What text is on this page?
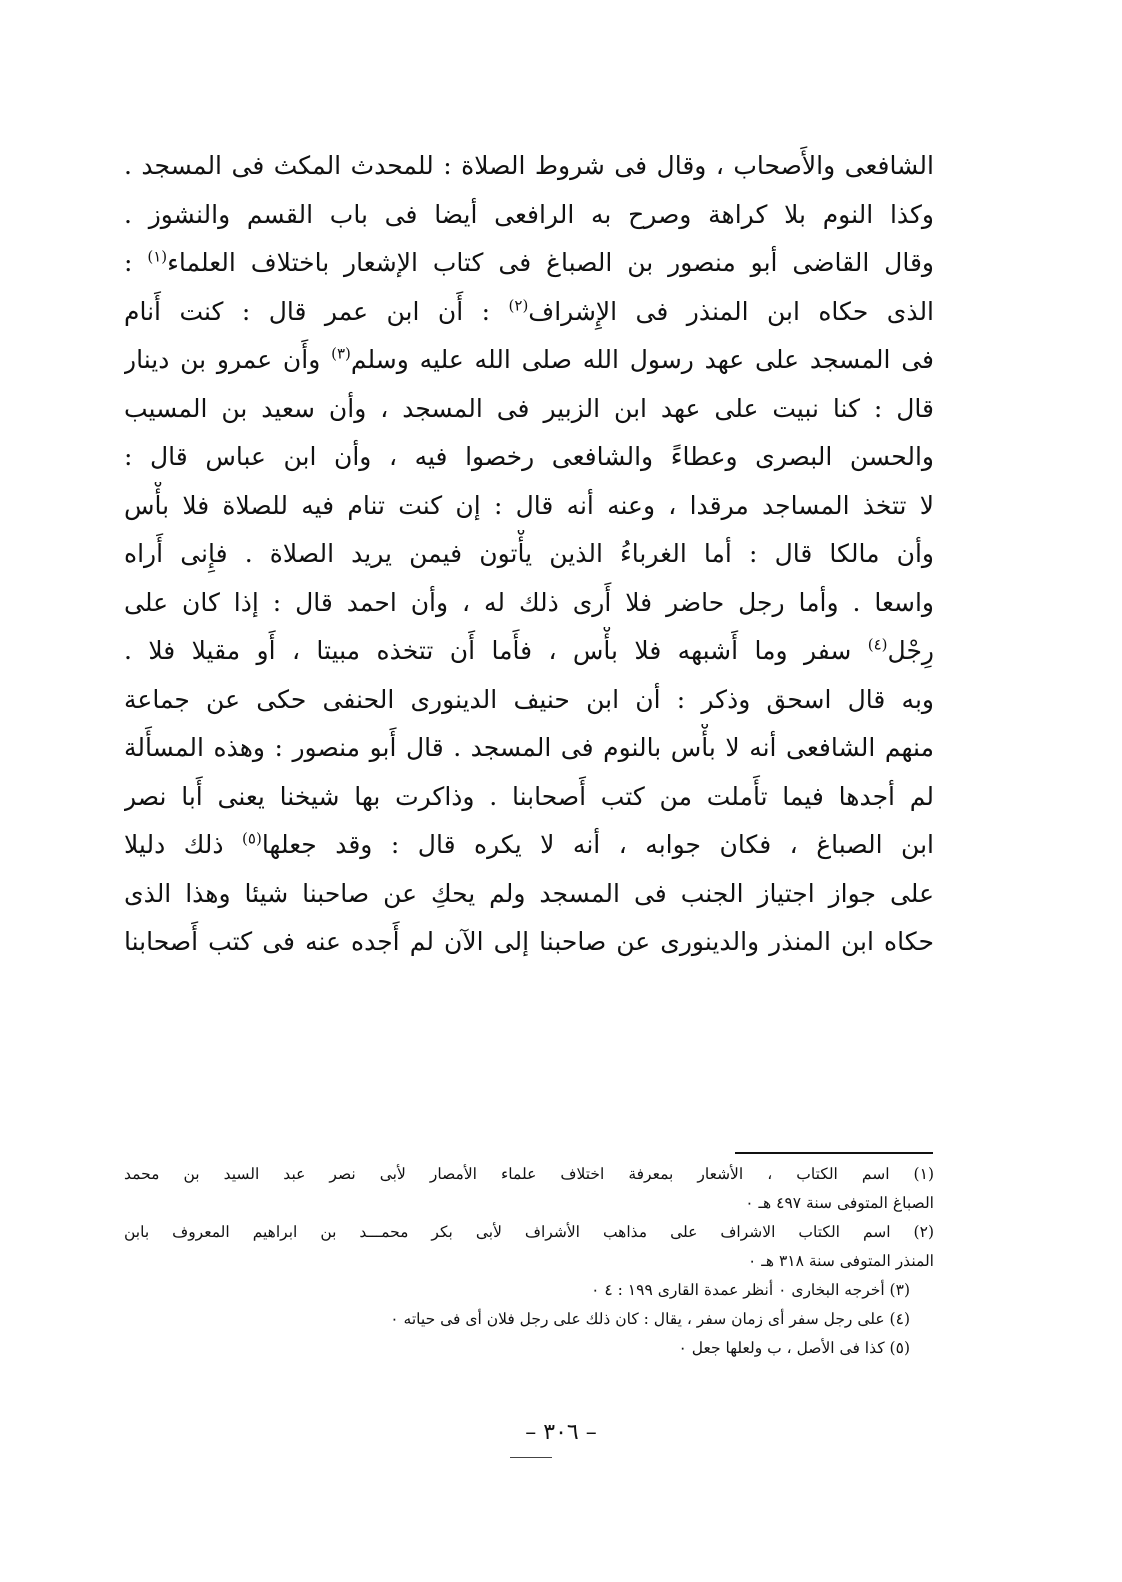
الشافعى والأَصحاب ، وقال فى شروط الصلاة : للمحدث المكث فى المسجد .
وكذا النوم بلا كراهة وصرح به الرافعى أيضا فى باب القسم والنشوز .
وقال القاضى أبو منصور بن الصباغ فى كتاب الإشعار باختلاف العلماء$^{(١)}$ :
الذى حكاه ابن المنذر فى الإِشراف$^{(٢)}$ : أَن ابن عمر قال : كنت أَنام
فى المسجد على عهد رسول الله صلى الله عليه وسلم$^{(٣)}$ وأَن عمرو بن دينار
قال : كنا نبيت على عهد ابن الزبير فى المسجد ، وأن سعيد بن المسيب
والحسن البصرى وعطاءً والشافعى رخصوا فيه ، وأن ابن عباس قال :
لا تتخذ المساجد مرقدا ، وعنه أنه قال : إن كنت تنام فيه للصلاة فلا بأْس
وأن مالكا قال : أما الغرباءُ الذين يأْتون فيمن يريد الصلاة . فإِنى أَراه
واسعا . وأما رجل حاضر فلا أَرى ذلك له ، وأن احمد قال : إذا كان على
رِجْل$^{(٤)}$ سفر وما أَشبهه فلا بأْس ، فأَما أَن تتخذه مبيتا ، أَو مقيلا فلا .
وبه قال اسحق وذكر : أن ابن حنيف الدينورى الحنفى حكى عن جماعة
منهم الشافعى أنه لا بأْس بالنوم فى المسجد . قال أَبو منصور : وهذه المسأَلة
لم أجدها فيما تأَملت من كتب أَصحابنا . وذاكرت بها شيخنا يعنى أَبا نصر
ابن الصباغ ، فكان جوابه ، أنه لا يكره قال : وقد جعلها$^{(٥)}$ ذلك دليلا
على جواز اجتياز الجنب فى المسجد ولم يحكِ عن صاحبنا شيئا وهذا الذى
حكاه ابن المنذر والدينورى عن صاحبنا إلى الآن لم أَجده عنه فى كتب أَصحابنا
(١) اسم الكتاب ، الأشعار بمعرفة اختلاف علماء الأمصار لأبى نصر عبد السيد بن محمد
الصباغ المتوفى سنة ٤٩٧ هـ ٠
(٢) اسم الكتاب الاشراف على مذاهب الأشراف لأبى بكر محمـــد بن ابراهيم المعروف بابن
المنذر المتوفى سنة ٣١٨ هـ ٠
(٣) أخرجه البخارى ٠ أنظر عمدة القارى ١٩٩ : ٤ ٠
(٤) على رجل سفر أى زمان سفر ، يقال : كان ذلك على رجل فلان أى فى حياته ٠
(٥) كذا فى الأصل ، ب ولعلها جعل ٠
– ٣٠٦ –
